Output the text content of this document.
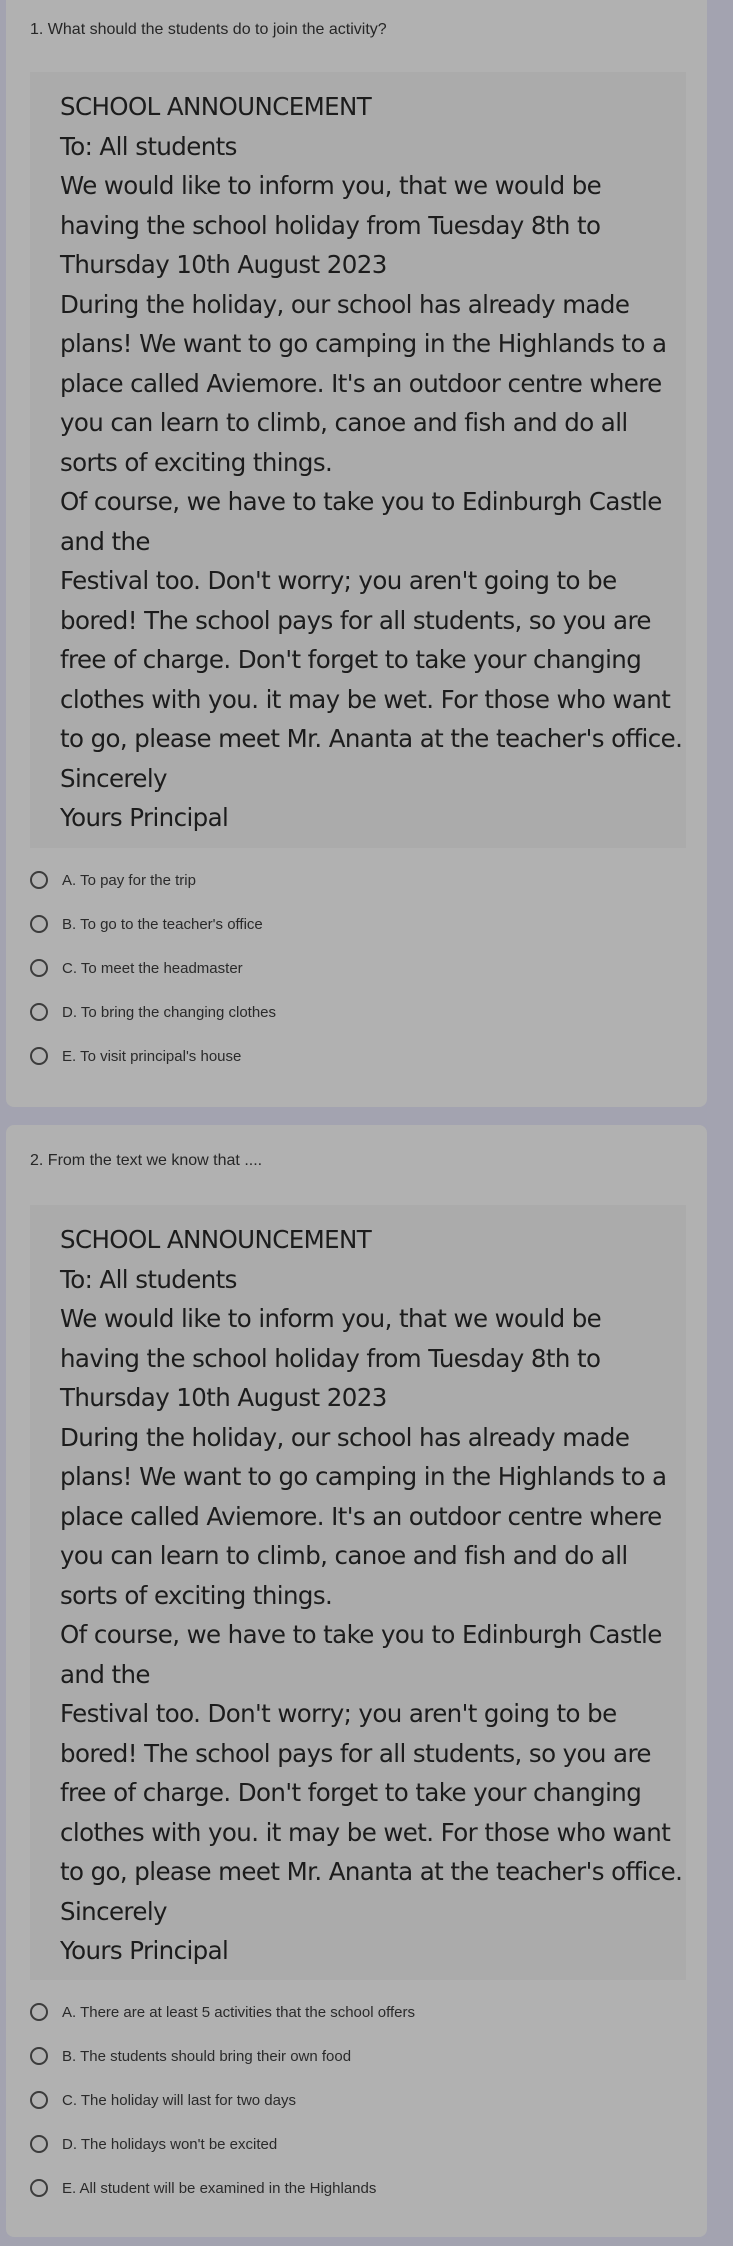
1. What should the students do to join the activity?

SCHOOL ANNOUNCEMENT

To: All students

We would like to inform you, that we would be

having the school holiday from Tuesday 8th to

Thursday 10th August 2023

During the holiday, our school has already made

plans! We want to go camping in the Highlands to a

place called Aviemore. It's an outdoor centre where

you can learn to climb, canoe and fish and do all

sorts of exciting things.

Of course, we have to take you to Edinburgh Castle

and the

Festival too. Don't worry; you aren't going to be

bored! The school pays for all students, so you are

free of charge. Don't forget to take your changing

clothes with you. it may be wet. For those who want

to go, please meet Mr. Ananta at the teacher's office.

Sincerely

Yours Principal

A. To pay for the trip
B. To go to the teacher's office
C. To meet the headmaster
D. To bring the changing clothes
E. To visit principal's house
2. From the text we know that ....

SCHOOL ANNOUNCEMENT

To: All students

We would like to inform you, that we would be

having the school holiday from Tuesday 8th to

Thursday 10th August 2023

During the holiday, our school has already made

plans! We want to go camping in the Highlands to a

place called Aviemore. It's an outdoor centre where

you can learn to climb, canoe and fish and do all

sorts of exciting things.

Of course, we have to take you to Edinburgh Castle

and the

Festival too. Don't worry; you aren't going to be

bored! The school pays for all students, so you are

free of charge. Don't forget to take your changing

clothes with you. it may be wet. For those who want

to go, please meet Mr. Ananta at the teacher's office.

Sincerely

Yours Principal

A. There are at least 5 activities that the school offers
B. The students should bring their own food
C. The holiday will last for two days
D. The holidays won't be excited
E. All student will be examined in the Highlands
